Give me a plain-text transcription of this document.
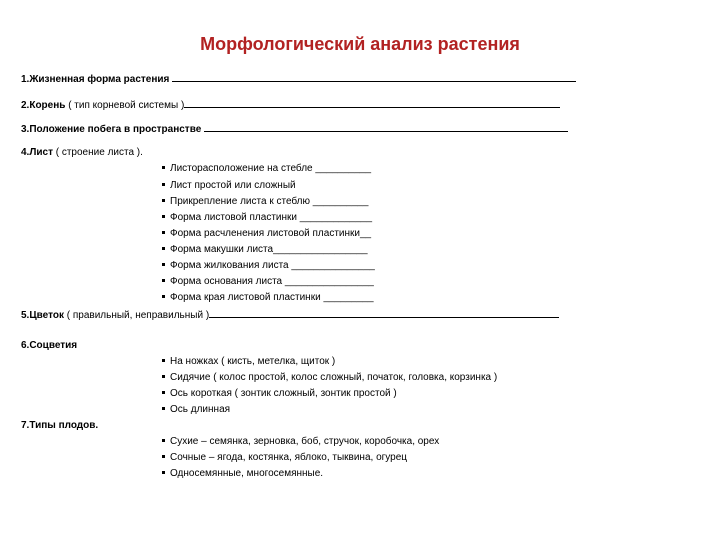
Морфологический анализ растения
1.Жизненная форма растения
2.Корень ( тип корневой системы )
3.Положение побега в пространстве
4.Лист ( строение листа ).
Листорасположение на стебле __________
Лист простой или сложный
Прикрепление листа к стеблю __________
Форма листовой пластинки _____________
Форма расчленения листовой пластинки__
Форма макушки листа_________________
Форма жилкования листа _______________
Форма основания листа ________________
Форма края листовой пластинки _________
5.Цветок ( правильный, неправильный )
6.Соцветия
На ножках ( кисть, метелка, щиток )
Сидячие ( колос простой, колос сложный, початок, головка, корзинка )
Ось короткая ( зонтик сложный, зонтик простой )
Ось длинная
7.Типы плодов.
Сухие – семянка, зерновка, боб, стручок, коробочка, орех
Сочные – ягода, костянка, яблоко, тыквина, огурец
Односемянные, многосемянные.
